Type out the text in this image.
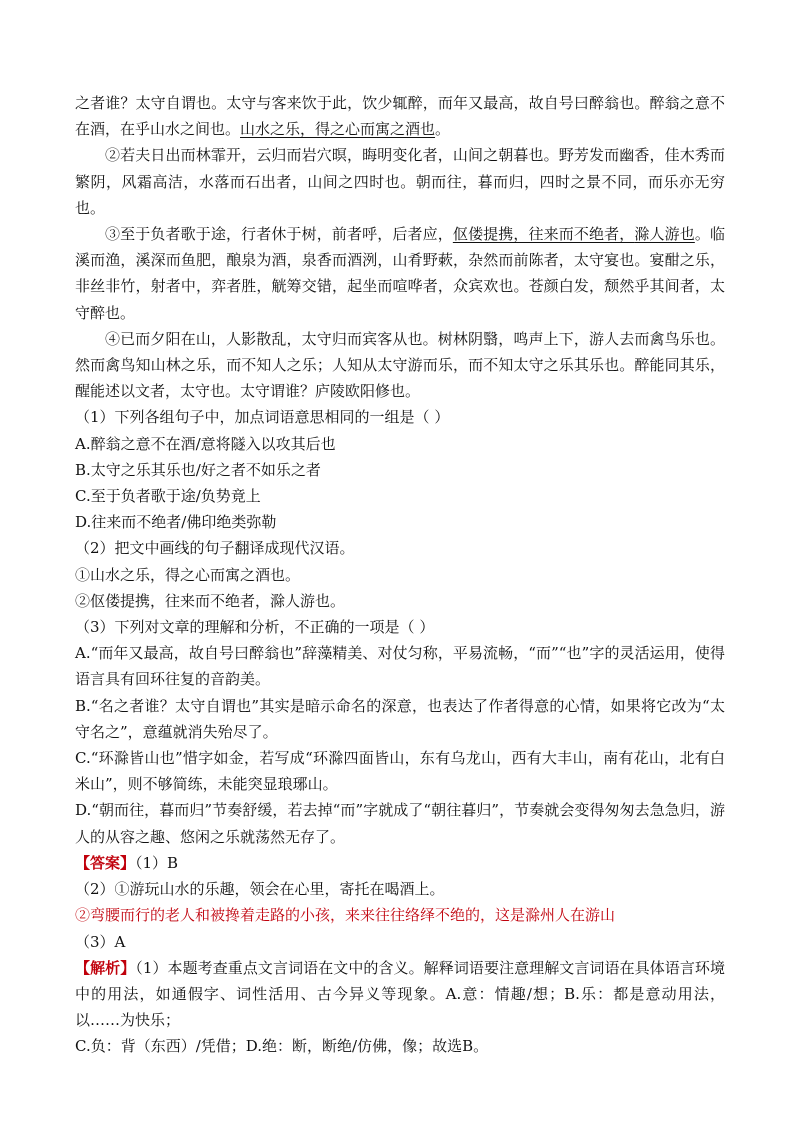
之者谁？太守自谓也。太守与客来饮于此，饮少辄醉，而年又最高，故自号曰醉翁也。醉翁之意不在酒，在乎山水之间也。山水之乐，得之心而寓之酒也。

②若夫日出而林霏开，云归而岩穴暝，晦明变化者，山间之朝暮也。野芳发而幽香，佳木秀而繁阴，风霜高洁，水落而石出者，山间之四时也。朝而往，暮而归，四时之景不同，而乐亦无穷也。

③至于负者歌于途，行者休于树，前者呼，后者应，伛偻提携，往来而不绝者，滁人游也。临溪而渔，溪深而鱼肥，酿泉为酒，泉香而酒洌，山肴野蔌，杂然而前陈者，太守宴也。宴酣之乐，非丝非竹，射者中，弈者胜，觥筹交错，起坐而喧哗者，众宾欢也。苍颜白发，颓然乎其间者，太守醉也。

④已而夕阳在山，人影散乱，太守归而宾客从也。树林阴翳，鸣声上下，游人去而禽鸟乐也。然而禽鸟知山林之乐，而不知人之乐；人知从太守游而乐，而不知太守之乐其乐也。醉能同其乐，醒能述以文者，太守也。太守谓谁？庐陵欧阳修也。

（1）下列各组句子中，加点词语意思相同的一组是（ ）

A.醉翁之意不在酒/意将隧入以攻其后也

B.太守之乐其乐也/好之者不如乐之者

C.至于负者歌于途/负势竟上

D.往来而不绝者/佛印绝类弥勒

（2）把文中画线的句子翻译成现代汉语。

①山水之乐，得之心而寓之酒也。

②伛偻提携，往来而不绝者，滁人游也。

（3）下列对文章的理解和分析，不正确的一项是（ ）

A.“而年又最高，故自号曰醉翁也”辞藻精美、对仗匀称，平易流畅，“而”“也”字的灵活运用，使得语言具有回环往复的音韵美。

B.“名之者谁？太守自谓也”其实是暗示命名的深意，也表达了作者得意的心情，如果将它改为“太守名之”，意蕴就消失殆尽了。

C.“环滁皆山也”惜字如金，若写成“环滁四面皆山，东有乌龙山，西有大丰山，南有花山，北有白米山”，则不够简练，未能突显琅琊山。

D.“朝而往，暮而归”节奏舒缓，若去掉“而”字就成了“朝往暮归”，节奏就会变得匆匆去急急归，游人的从容之趣、悠闲之乐就荡然无存了。

【答案】（1）B

（2）①游玩山水的乐趣，领会在心里，寄托在喝酒上。

②弯腰而行的老人和被搀着走路的小孩，来来往往络绎不绝的，这是滁州人在游山

（3）A

【解析】（1）本题考查重点文言词语在文中的含义。解释词语要注意理解文言词语在具体语言环境中的用法，如通假字、词性活用、古今异义等现象。A.意：情趣/想；B.乐：都是意动用法，以……为快乐；

C.负：背（东西）/凭借；D.绝：断，断绝/仿佛，像；故选B。
